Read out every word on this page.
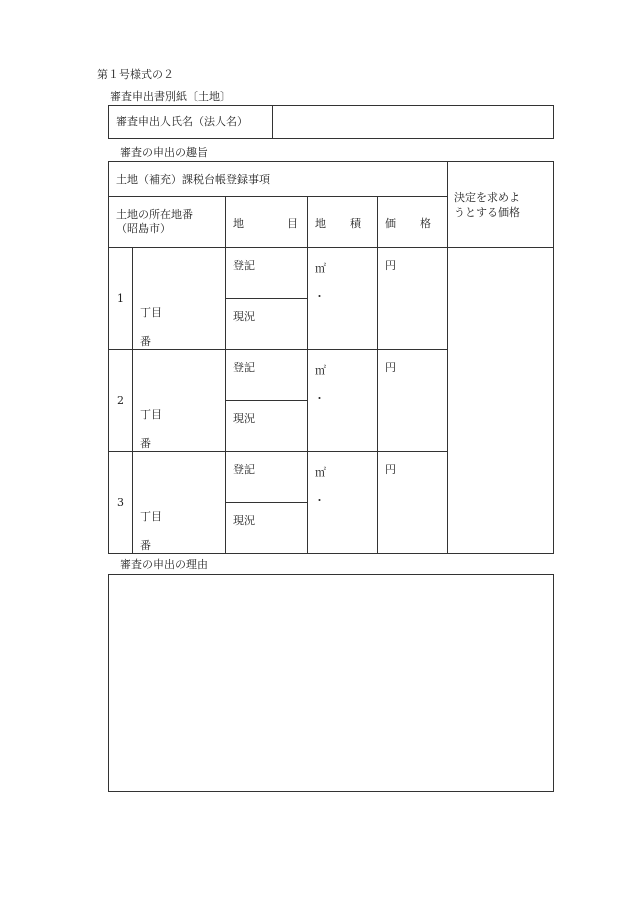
第１号様式の２
審査申出書別紙〔土地〕
審査申出人氏名（法人名）
審査の申出の趣旨
土地（補充）課税台帳登録事項
決定を求めよ
うとする価格
土地の所在地番
（昭島市）	地	目 地 積 価 格
1
丁目
番
登記
現況
㎡
・
円
2
丁目
番
登記
現況
㎡
・
円
3
丁目
番
登記
現況
㎡
・
円
審査の申出の理由
